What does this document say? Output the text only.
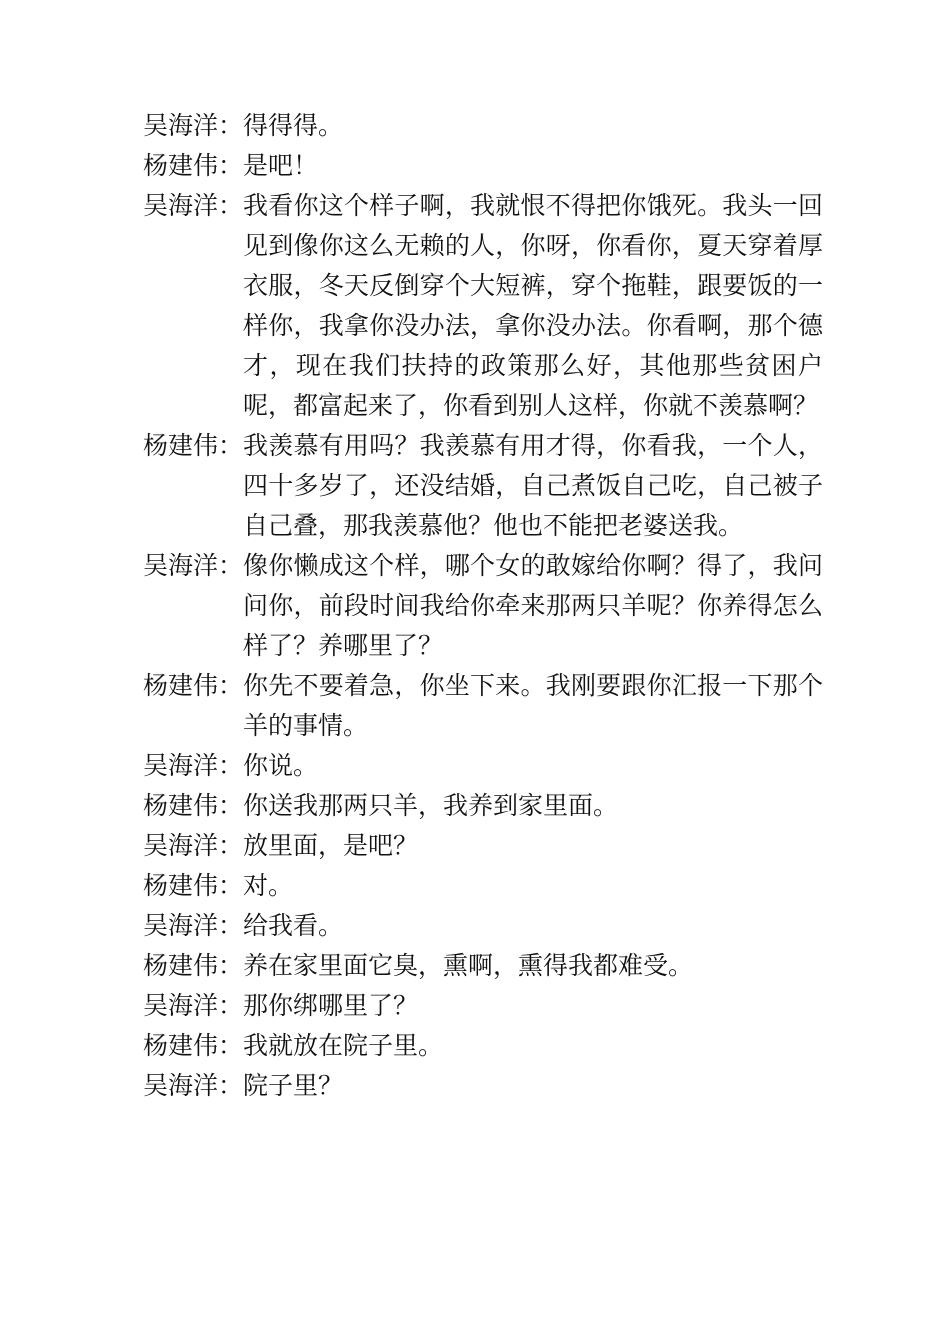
吴海洋： 得得得。
杨建伟： 是吧！
吴海洋： 我看你这个样子啊，我就恨不得把你饿死。我头一回见到像你这么无赖的人，你呀，你看你，夏天穿着厚衣服，冬天反倒穿个大短裤，穿个拖鞋，跟要饭的一样你，我拿你没办法，拿你没办法。你看啊，那个德才，现在我们扶持的政策那么好，其他那些贫困户呢，都富起来了，你看到别人这样，你就不羡慕啊？
杨建伟： 我羡慕有用吗？我羡慕有用才得，你看我，一个人，四十多岁了，还没结婚，自己煮饭自己吃，自己被子自己叠，那我羡慕他？他也不能把老婆送我。
吴海洋： 像你懒成这个样，哪个女的敢嫁给你啊？得了，我问问你，前段时间我给你牵来那两只羊呢？你养得怎么样了？养哪里了？
杨建伟： 你先不要着急，你坐下来。我刚要跟你汇报一下那个羊的事情。
吴海洋： 你说。
杨建伟： 你送我那两只羊，我养到家里面。
吴海洋： 放里面，是吧？
杨建伟： 对。
吴海洋： 给我看。
杨建伟： 养在家里面它臭，熏啊，熏得我都难受。
吴海洋： 那你绑哪里了？
杨建伟： 我就放在院子里。
吴海洋： 院子里？
